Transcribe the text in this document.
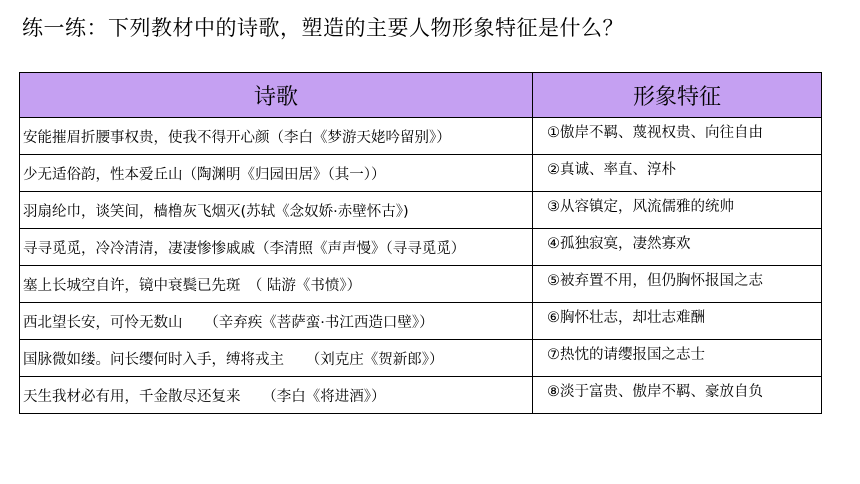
练一练：下列教材中的诗歌，塑造的主要人物形象特征是什么？
诗歌	形象特征
安能摧眉折腰事权贵，使我不得开心颜（李白《梦游天姥吟留别》）	①傲岸不羁、蔑视权贵、向往自由
少无适俗韵，性本爱丘山（陶渊明《归园田居》（其一））	②真诚、率直、淳朴
羽扇纶巾，谈笑间，樯橹灰飞烟灭(苏轼《念奴娇·赤壁怀古》)	③从容镇定，风流儒雅的统帅
寻寻觅觅，冷冷清清，凄凄惨惨戚戚（李清照《声声慢》（寻寻觅觅）	④孤独寂寞，凄然寡欢
塞上长城空自许，镜中衰鬓已先斑　（ 陆游《书愤》）	⑤被弃置不用，但仍胸怀报国之志
西北望长安，可怜无数山　　（辛弃疾《菩萨蛮·书江西造口壁》）	⑥胸怀壮志，却壮志难酬
国脉微如缕。问长缨何时入手，缚将戎主　　（刘克庄《贺新郎》）	⑦热忱的请缨报国之志士
天生我材必有用，千金散尽还复来　　（李白《将进酒》）	⑧淡于富贵、傲岸不羁、豪放自负
